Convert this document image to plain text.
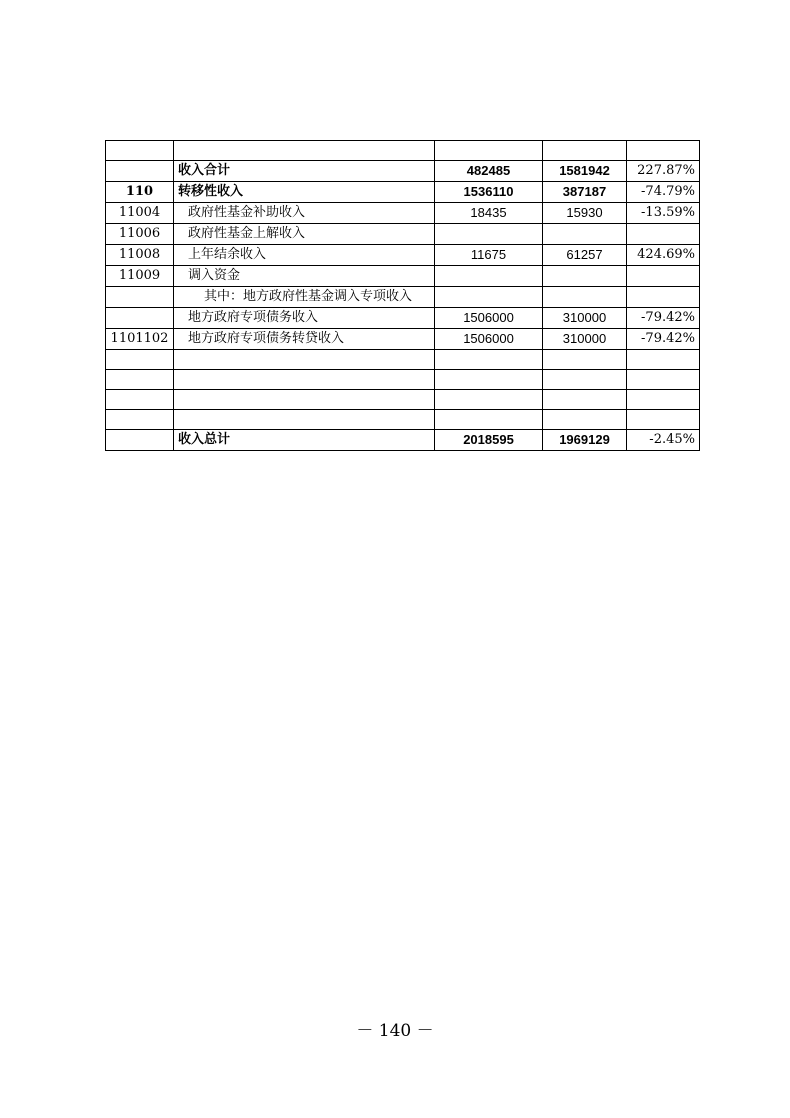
	收入合计	482485	1581942	227.87%
110	转移性收入	1536110	387187	-74.79%
11004	政府性基金补助收入	18435	15930	-13.59%
11006	政府性基金上解收入			
11008	上年结余收入	11675	61257	424.69%
11009	调入资金			
	其中：地方政府性基金调入专项收入			
	地方政府专项债务收入	1506000	310000	-79.42%
1101102	地方政府专项债务转贷收入	1506000	310000	-79.42%

	收入总计	2018595	1969129	-2.45%
－ 140 －
